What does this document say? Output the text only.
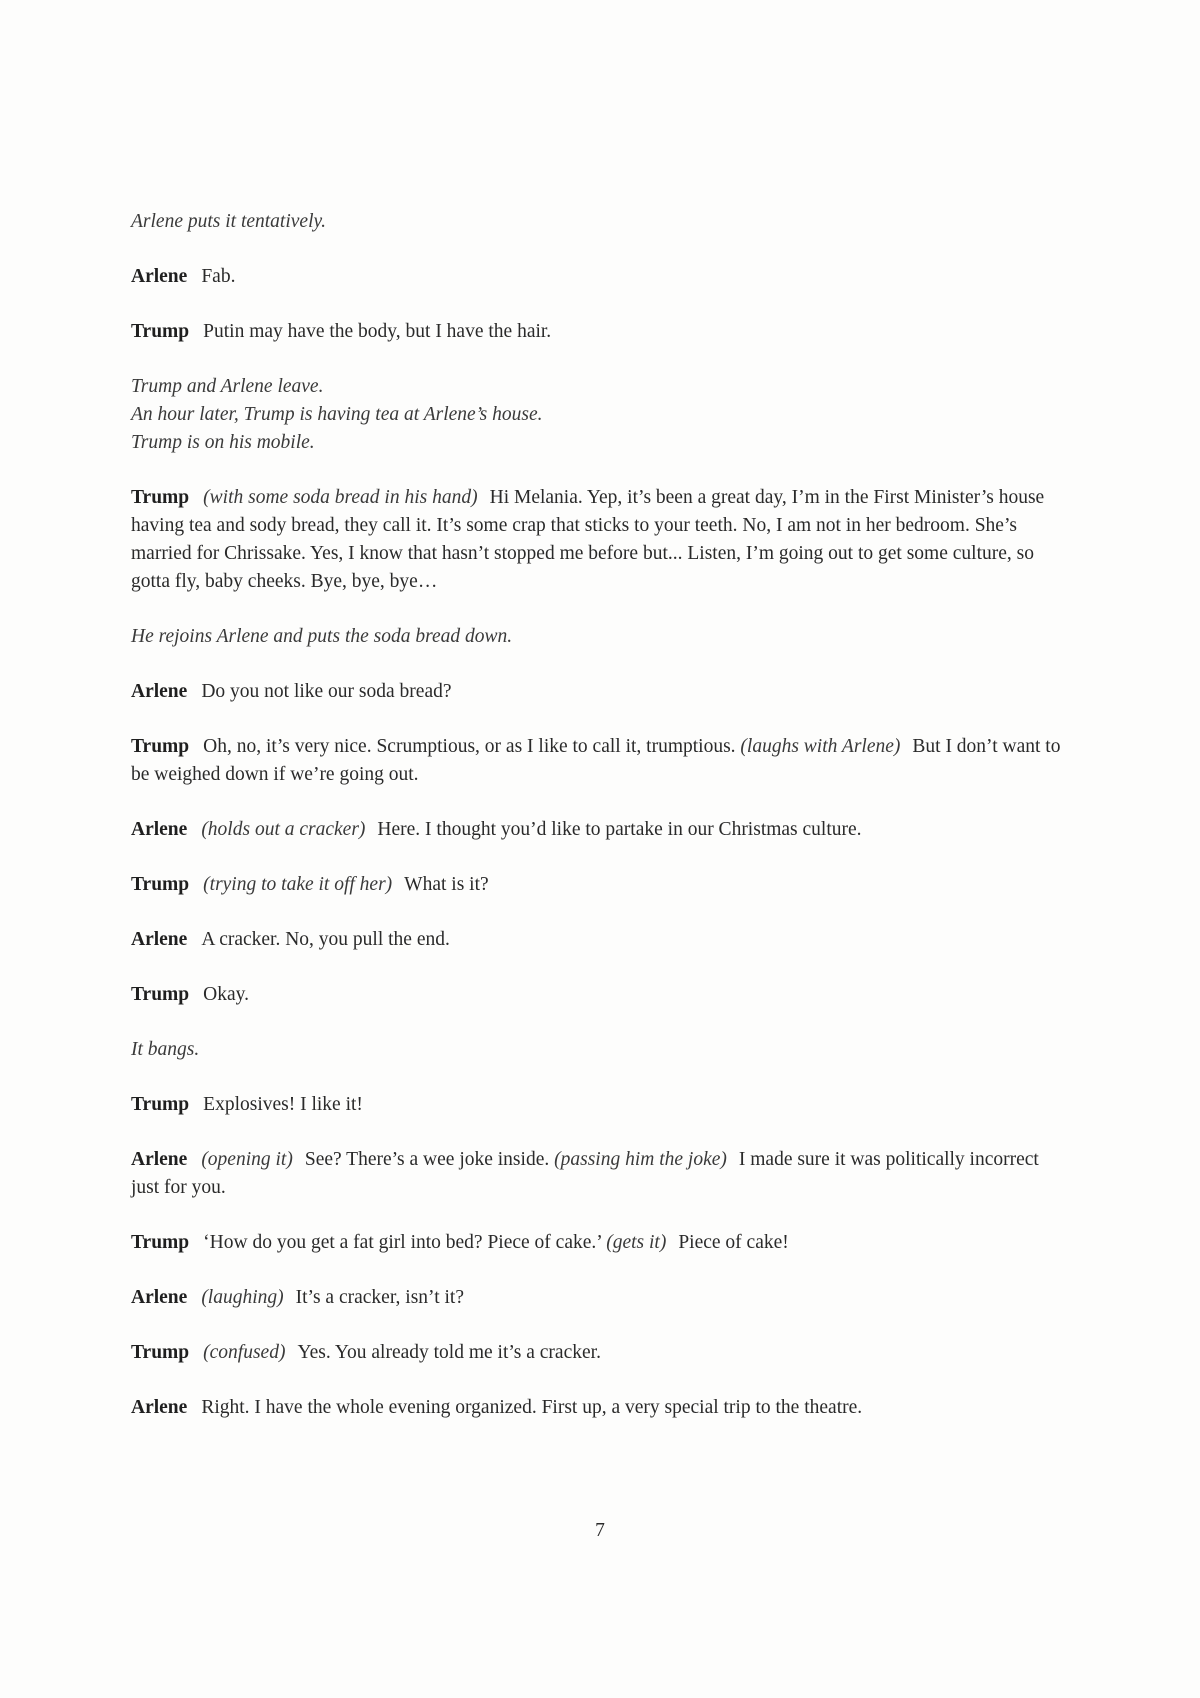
Arlene puts it tentatively.
Arlene Fab.
Trump Putin may have the body, but I have the hair.
Trump and Arlene leave.
An hour later, Trump is having tea at Arlene’s house.
Trump is on his mobile.
Trump (with some soda bread in his hand) Hi Melania. Yep, it’s been a great day, I’m in the First Minister’s house having tea and sody bread, they call it. It’s some crap that sticks to your teeth. No, I am not in her bedroom. She’s married for Chrissake. Yes, I know that hasn’t stopped me before but... Listen, I’m going out to get some culture, so gotta fly, baby cheeks. Bye, bye, bye…
He rejoins Arlene and puts the soda bread down.
Arlene Do you not like our soda bread?
Trump Oh, no, it’s very nice. Scrumptious, or as I like to call it, trumptious. (laughs with Arlene) But I don’t want to be weighed down if we’re going out.
Arlene (holds out a cracker) Here. I thought you’d like to partake in our Christmas culture.
Trump (trying to take it off her) What is it?
Arlene A cracker. No, you pull the end.
Trump Okay.
It bangs.
Trump Explosives! I like it!
Arlene (opening it) See? There’s a wee joke inside. (passing him the joke) I made sure it was politically incorrect just for you.
Trump ‘How do you get a fat girl into bed? Piece of cake.’ (gets it) Piece of cake!
Arlene (laughing) It’s a cracker, isn’t it?
Trump (confused) Yes. You already told me it’s a cracker.
Arlene Right. I have the whole evening organized. First up, a very special trip to the theatre.
7
